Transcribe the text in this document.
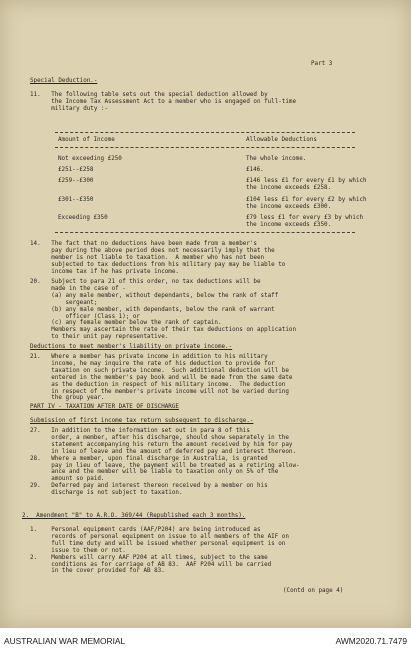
Part 3
Special Deduction.-
11.   The following table sets out the special deduction allowed by
the Income Tax Assessment Act to a member who is engaged on full-time
military duty :-
Amount of Income	Allowable Deductions
Not exceeding £250	The whole income.
£251--£258	£146.
£259--£300	£146 less £1 for every £1 by which
the income exceeds £258.
£301--£350	£104 less £1 for every £2 by which
the income exceeds £300.
Exceeding £350	£79 less £1 for every £3 by which
the income exceeds £350.
14.   The fact that no deductions have been made from a member's
pay during the above period does not necessarily imply that the
member is not liable to taxation.  A member who has not been
subjected to tax deductions from his military pay may be liable to
income tax if he has private income.
20.   Subject to para 21 of this order, no tax deductions will be
made in the case of -
(a) any male member, without dependants, below the rank of staff
sergeant;
(b) any male member, with dependants, below the rank of warrant
officer (Class 1); or
(c) any female member below the rank of captain.
Members may ascertain the rate of their tax deductions on application
to their unit pay representative.
Deductions to meet member's liability on private income.-
21.   Where a member has private income in addition to his military
income, he may inquire the rate of his deduction to provide for
taxation on such private income.  Such additional deduction will be
entered in the member's pay book and will be made from the same date
as the deduction in respect of his military income.  The deduction
in respect of the member's private income will not be varied during
the group year.
PART IV - TAXATION AFTER DATE OF DISCHARGE
Submission of first income tax return subsequent to discharge.-
27.   In addition to the information set out in para 8 of this
order, a member, after his discharge, should show separately in the
statement accompanying his return the amount received by him for pay
in lieu of leave and the amount of deferred pay and interest thereon.
28.   Where a member, upon final discharge in Australia, is granted
pay in lieu of leave, the payment will be treated as a retiring allow-
ance and the member will be liable to taxation only on 5% of the
amount so paid.
29.   Deferred pay and interest thereon received by a member on his
discharge is not subject to taxation.
2.  Amendment "B" to A.R.O. 369/44 (Republished each 3 months).
1.    Personal equipment cards (AAF/P204) are being introduced as
records of personal equipment on issue to all members of the AIF on
full time duty and will be issued whether personal equipment is on
issue to them or not.
2.    Members will carry AAF P204 at all times, subject to the same
conditions as for carriage of AB 83.  AAF P204 will be carried
in the cover provided for AB 83.
(Contd on page 4)
AUSTRALIAN WAR MEMORIAL	AWM2020.71.7479
